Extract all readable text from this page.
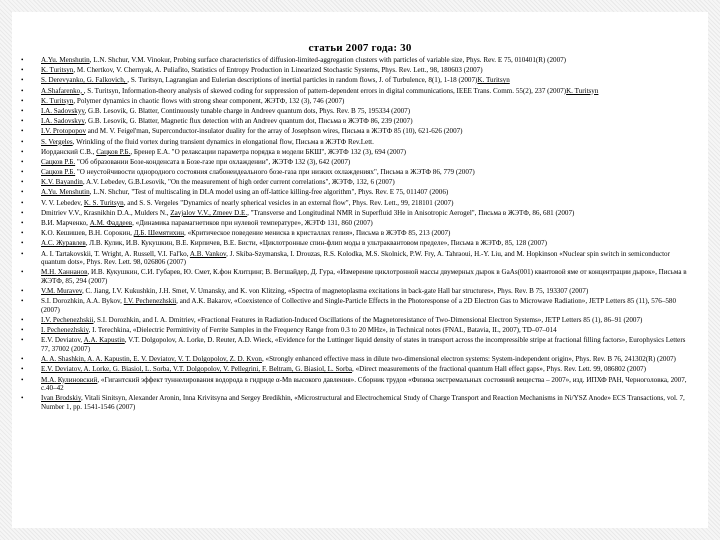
статьи 2007 года: 30
• A.Yu. Menshutin, L.N. Shchur, V.M. Vinokur, Probing surface characteristics of diffusion-limited-aggregation clusters with particles of variable size, Phys. Rev. E 75, 010401(R) (2007)
• K. Turitsyn, M. Chertkov, V. Chernyak, A. Puliafito, Statistics of Entropy Production in Linearized Stochastic Systems, Phys. Rev. Lett., 98, 180603 (2007)
• S. Derevyanko, G. Falkovich, , S. Turitsyn, Lagrangian and Eulerian descriptions of inertial particles in random flows, J. of Turbulence, 8(1), 1-18 (2007)K. Turitsyn
• A.Shafarenko, , S. Turitsyn, Information-theory analysis of skewed coding for suppression of pattern-dependent errors in digital communications, IEEE Trans. Comm. 55(2), 237 (2007)K. Turitsyn
• K. Turitsyn, Polymer dynamics in chaotic flows with strong shear component, ЖЭТФ, 132 (3), 746 (2007)
• I.A. Sadovskyy, G.B. Lesovik, G. Blatter, Continuously tunable charge in Andreev quantum dots, Phys. Rev. B 75, 195334 (2007)
• I.A. Sadovskyy, G.B. Lesovik, G. Blatter, Magnetic flux detection with an Andreev quantum dot, Письма в ЖЭТФ 86, 239 (2007)
• I.V. Protopopov and M. V. Feigel'man, Superconductor-insulator duality for the array of Josephson wires, Письма в ЖЭТФ 85 (10), 621-626 (2007)
• S. Vergeles, Wrinkling of the fluid vortex during transient dynamics in elongational flow, Письма в ЖЭТФ Rev.Lett.
• Иорданский С.В., Сацков Р.Б., Бренер Е.А. "О релаксации параметра порядка в модели БКШ", ЖЭТФ 132 (3), 694 (2007)
• Сацков Р.Б. "Об образовании Бозе-конденсата в Бозе-газе при охлаждении", ЖЭТФ 132 (3), 642 (2007)
• Сацков Р.Б. "О неустойчивости однородного состояния слабонеидеального бозе-газа при низких охлаждениях", Письма в ЖЭТФ 86, 779 (2007)
• K.V. Bayandin, A.V. Lebedev, G.B.Lesovik, "On the measurement of high order current correlations", ЖЭТФ, 132, 6 (2007)
• A.Yu. Menshutin, L.N. Shchur, "Test of multiscaling in DLA model using an off-lattice killing-free algorithm", Phys. Rev. E 75, 011407 (2006)
• V. V. Lebedev, K. S. Turitsyn, and S. S. Vergeles "Dynamics of nearly spherical vesicles in an external flow", Phys. Rev. Lett., 99, 218101 (2007)
• Dmitriev V.V., Krasnikhin D.A., Mulders N., Zavjalov V.V., Zmeev D.E., "Transverse and Longitudinal NMR in Superfluid 3He in Anisotropic Aerogel", Письма в ЖЭТФ, 86, 681 (2007)
• В.И. Марченко, А.М. Фаддеев, «Динамика парамагнетиков при нулевой температуре», ЖЭТФ 131, 860 (2007)
• К.О. Кешишев, В.Н. Сорокин, Д.Б. Шемятихин, «Критическое поведение мениска в кристаллах гелия», Письма в ЖЭТФ 85, 213 (2007)
• А.С. Журавлев, Л.В. Кулик, И.В. Кукушкин, В.Е. Кирпичев, В.Е. Бисти, «Циклотронные спин-флип моды в ультраквантовом пределе», Письма в ЖЭТФ, 85, 128 (2007)
• A. I. Tartakovskii, T. Wright, A. Russell, V.I. Fal'ko, A.B. Vankov, J. Skiba-Szymanska, I. Drouzas, R.S. Kolodka, M.S. Skolnick, P.W. Fry, A. Tahraoui, H.-Y. Liu, and M. Hopkinson «Nuclear spin switch in semiconductor quantum dots», Phys. Rev. Lett. 98, 026806 (2007)
• М.Н. Ханнанов, И.В. Кукушкин, С.И. Губарев, Ю. Смет, К.фон Клитцинг, В. Вегшайдер, Д. Гура, «Измерение циклотронной массы двумерных дырок в GaAs(001) квантовой яме от концентрации дырок», Письма в ЖЭТФ, 85, 294 (2007)
• V.M. Muravev, C. Jiang, I.V. Kukushkin, J.H. Smet, V. Umansky, and K. von Klitzing, «Spectra of magnetoplasma excitations in back-gate Hall bar structures», Phys. Rev. B 75, 193307 (2007)
• S.I. Dorozhkin, A.A. Bykov, I.V. Pechenezhskii, and A.K. Bakarov, «Coexistence of Collective and Single-Particle Effects in the Photoresponse of a 2D Electron Gas to Microwave Radiation», JETP Letters 85 (11), 576–580 (2007)
• I.V. Pechenezhskii, S.I. Dorozhkin, and I. A. Dmitriev, «Fractional Features in Radiation-Induced Oscillations of the Magnetoresistance of Two-Dimensional Electron Systems», JETP Letters 85 (1), 86–91 (2007)
• I. Pechenezhskiy, I. Terechkina, «Dielectric Permittivity of Ferrite Samples in the Frequency Range from 0.3 to 20 MHz», in Technical notes (FNAL, Batavia, IL, 2007), TD–07–014
• E.V. Deviatov, A.A. Kapustin, V.T. Dolgopolov, A. Lorke, D. Reuter, A.D. Wieck, «Evidence for the Luttinger liquid density of states in transport across the incompressible stripe at fractional filling factors», Europhysics Letters 77, 37002 (2007)
• A. A. Shashkin, A. A. Kapustin, E. V. Deviatov, V. T. Dolgopolov, Z. D. Kvon, «Strongly enhanced effective mass in dilute two-dimensional electron systems: System-independent origin», Phys. Rev. B 76, 241302(R) (2007)
• E.V. Deviatov, A. Lorke, G. Biasiol, L. Sorba, V.T. Dolgopolov, V. Pellegrini, F. Beltram, G. Biasiol, L. Sorba, «Direct measurements of the fractional quantum Hall effect gaps», Phys. Rev. Lett. 99, 086802 (2007)
• М.А. Кулиновский, «Гигантский эффект туннелирования водорода в гидриде α-Mn высокого давления». Сборник трудов «Физика экстремальных состояний вещества – 2007», изд. ИПХФ РАН, Черноголовка, 2007, с.40–42
• Ivan Brodskiy, Vitali Sinitsyn, Alexander Aronin, Inna Krivitsyna and Sergey Bredikhin, «Microstructural and Electrochemical Study of Charge Transport and Reaction Mechanisms in Ni/YSZ Anode» ECS Transactions, vol. 7, Number 1, pp. 1541-1546 (2007)
